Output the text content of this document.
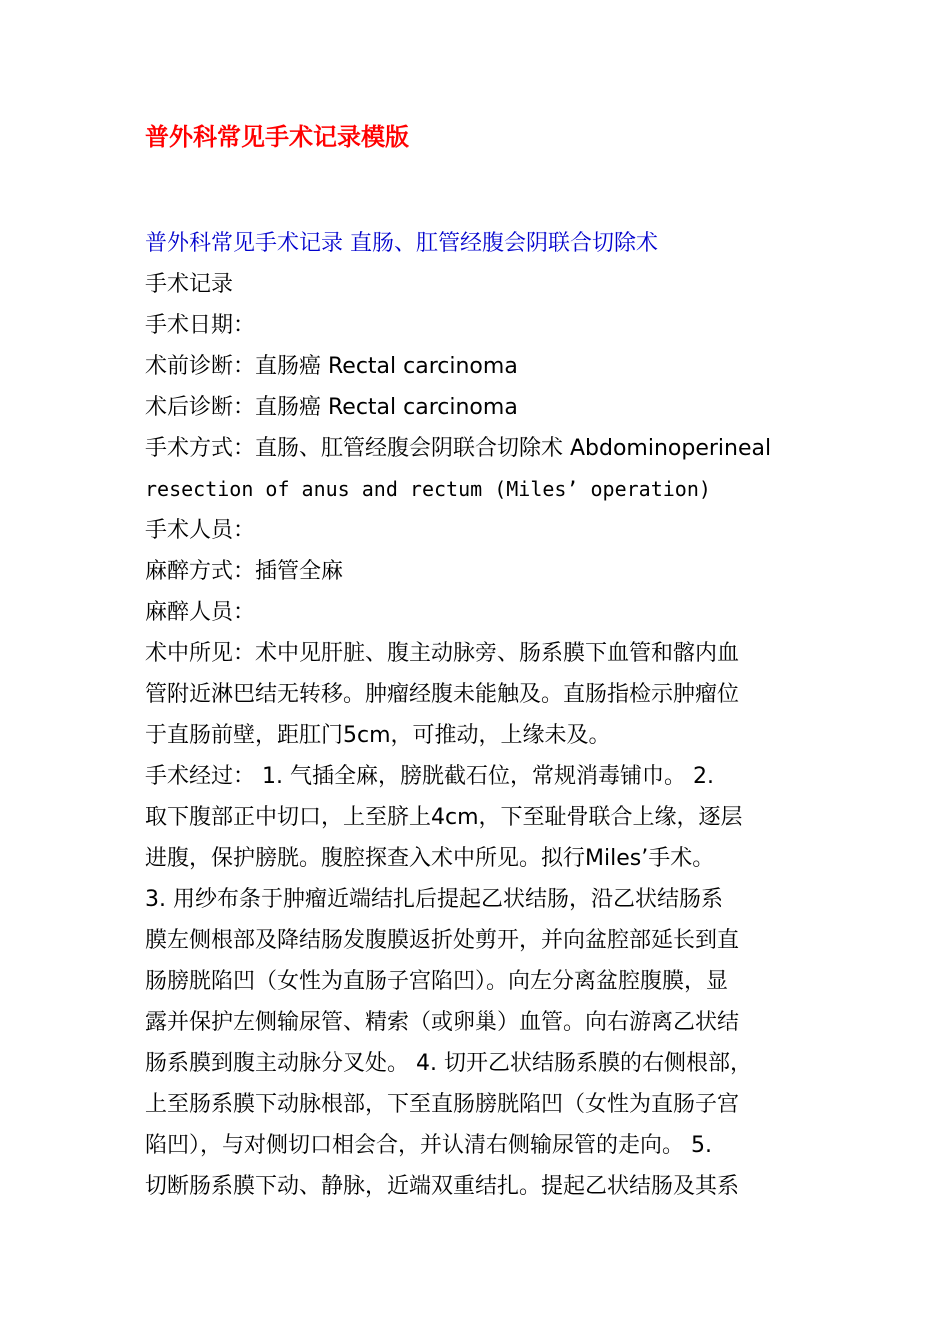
普外科常见手术记录模版
普外科常见手术记录 直肠、肛管经腹会阴联合切除术
手术记录
手术日期：
术前诊断：直肠癌 Rectal carcinoma
术后诊断：直肠癌 Rectal carcinoma
手术方式：直肠、肛管经腹会阴联合切除术 Abdominoperineal
resection of anus and rectum (Miles’ operation)
手术人员：
麻醉方式：插管全麻
麻醉人员：
术中所见：术中见肝脏、腹主动脉旁、肠系膜下血管和髂内血
管附近淋巴结无转移。肿瘤经腹未能触及。直肠指检示肿瘤位
于直肠前壁，距肛门5cm，可推动，上缘未及。
手术经过： 1. 气插全麻，膀胱截石位，常规消毒铺巾。 2.
取下腹部正中切口，上至脐上4cm，下至耻骨联合上缘，逐层
进腹，保护膀胱。腹腔探查入术中所见。拟行Miles’手术。
3. 用纱布条于肿瘤近端结扎后提起乙状结肠，沿乙状结肠系
膜左侧根部及降结肠发腹膜返折处剪开，并向盆腔部延长到直
肠膀胱陷凹（女性为直肠子宫陷凹）。向左分离盆腔腹膜，显
露并保护左侧输尿管、精索（或卵巢）血管。向右游离乙状结
肠系膜到腹主动脉分叉处。 4. 切开乙状结肠系膜的右侧根部，
上至肠系膜下动脉根部，下至直肠膀胱陷凹（女性为直肠子宫
陷凹），与对侧切口相会合，并认清右侧输尿管的走向。 5.
切断肠系膜下动、静脉，近端双重结扎。提起乙状结肠及其系
